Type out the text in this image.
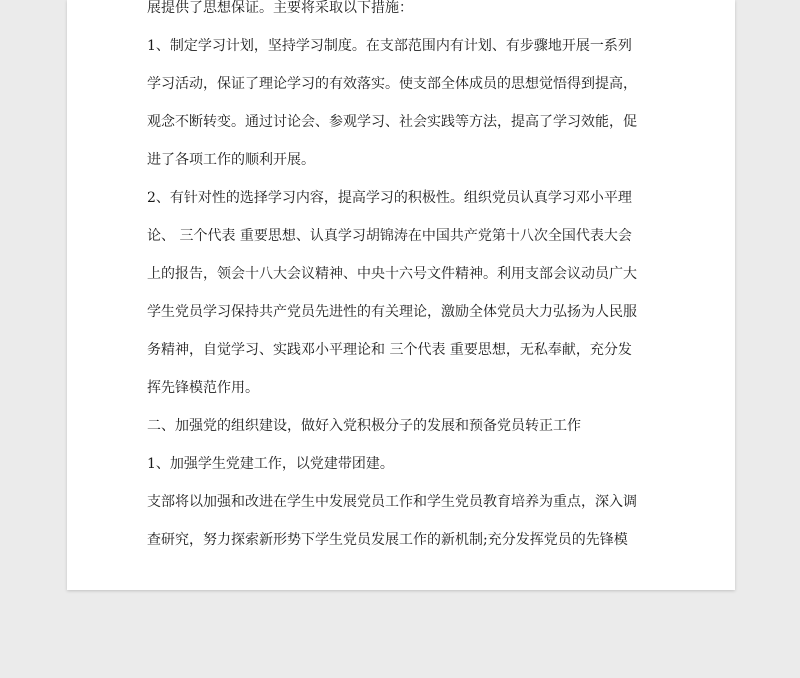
展提供了思想保证。主要将采取以下措施：
1、制定学习计划，坚持学习制度。在支部范围内有计划、有步骤地开展一系列
学习活动，保证了理论学习的有效落实。使支部全体成员的思想觉悟得到提高，
观念不断转变。通过讨论会、参观学习、社会实践等方法，提高了学习效能，促
进了各项工作的顺利开展。
2、有针对性的选择学习内容，提高学习的积极性。组织党员认真学习邓小平理
论、 三个代表 重要思想、认真学习胡锦涛在中国共产党第十八次全国代表大会
上的报告，领会十八大会议精神、中央十六号文件精神。利用支部会议动员广大
学生党员学习保持共产党员先进性的有关理论，激励全体党员大力弘扬为人民服
务精神，自觉学习、实践邓小平理论和 三个代表 重要思想，无私奉献，充分发
挥先锋模范作用。
二、加强党的组织建设，做好入党积极分子的发展和预备党员转正工作
1、加强学生党建工作，以党建带团建。
支部将以加强和改进在学生中发展党员工作和学生党员教育培养为重点，深入调
查研究，努力探索新形势下学生党员发展工作的新机制;充分发挥党员的先锋模
